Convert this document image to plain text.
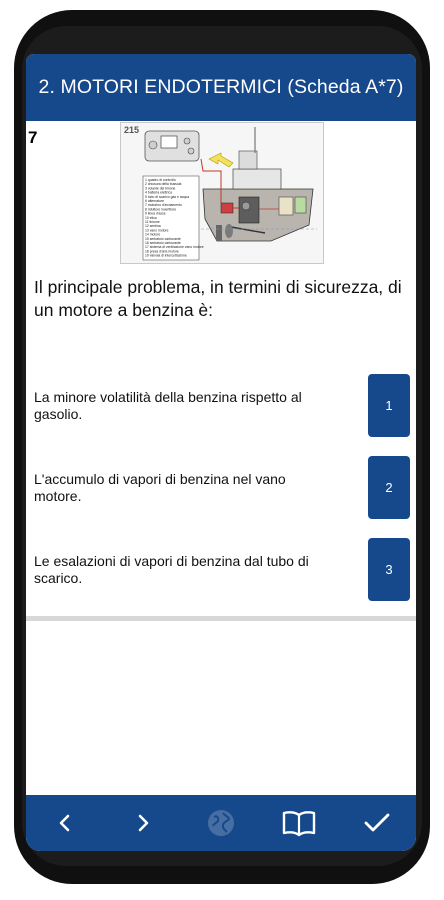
2. MOTORI ENDOTERMICI (Scheda A*7)
7	215
1 quadro di controllo
2 chiusura della bussola
3 volante del timone
4 batteria elettrica
5 tubo di scarico gas e acqua
6 alternatore
7 motorino d'avviamento
8 riduttore invertitore
9 linea d'asse
10 elica
11 timone
12 sentina
13 vano motore
14 motore
15 serbatoio carburante
16 serbatoio carburante
17 sistema di ventilazione vano motore
18 presa d'aria motore
19 valvola di intercettazione
Il principale problema, in termini di sicurezza, di un motore a benzina è:
La minore volatilità della benzina rispetto al gasolio.
1
L'accumulo di vapori di benzina nel vano motore.
2
Le esalazioni di vapori di benzina dal tubo di scarico.
3
